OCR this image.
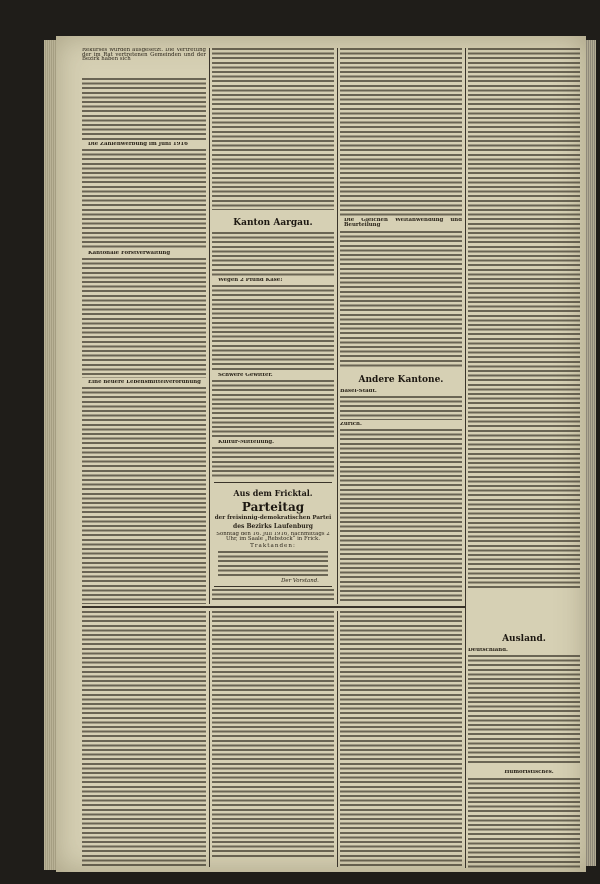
Rekurses wurden ausgesetzt. Die Vertretung der im Rat vertretenen Gemeinden und der Bezirk haben sich
Die Zahlenwerbung im Juni 1916
Kantonale Forstverwaltung
Eine neuere Lebensmittelverordnung
Kanton Aargau.
Wegen 2 Pfund Käse!
Schwere Gewitter.
Kultur-Mitteilung.
Aus dem Fricktal.
Parteitag
der freisinnig-demokratischen Partei
des Bezirks Laufenburg
Sonntag den 16. Juli 1916, nachmittags 2 Uhr, im Saale „Rebstock“ in Frick.
Traktanden:
Der Vorstand.
Die Gleichen Weltanwendung und Beurteilung
Andere Kantone.
Basel-Stadt.
Zürich.
Ausland.
Deutschland.
Humoristisches.
